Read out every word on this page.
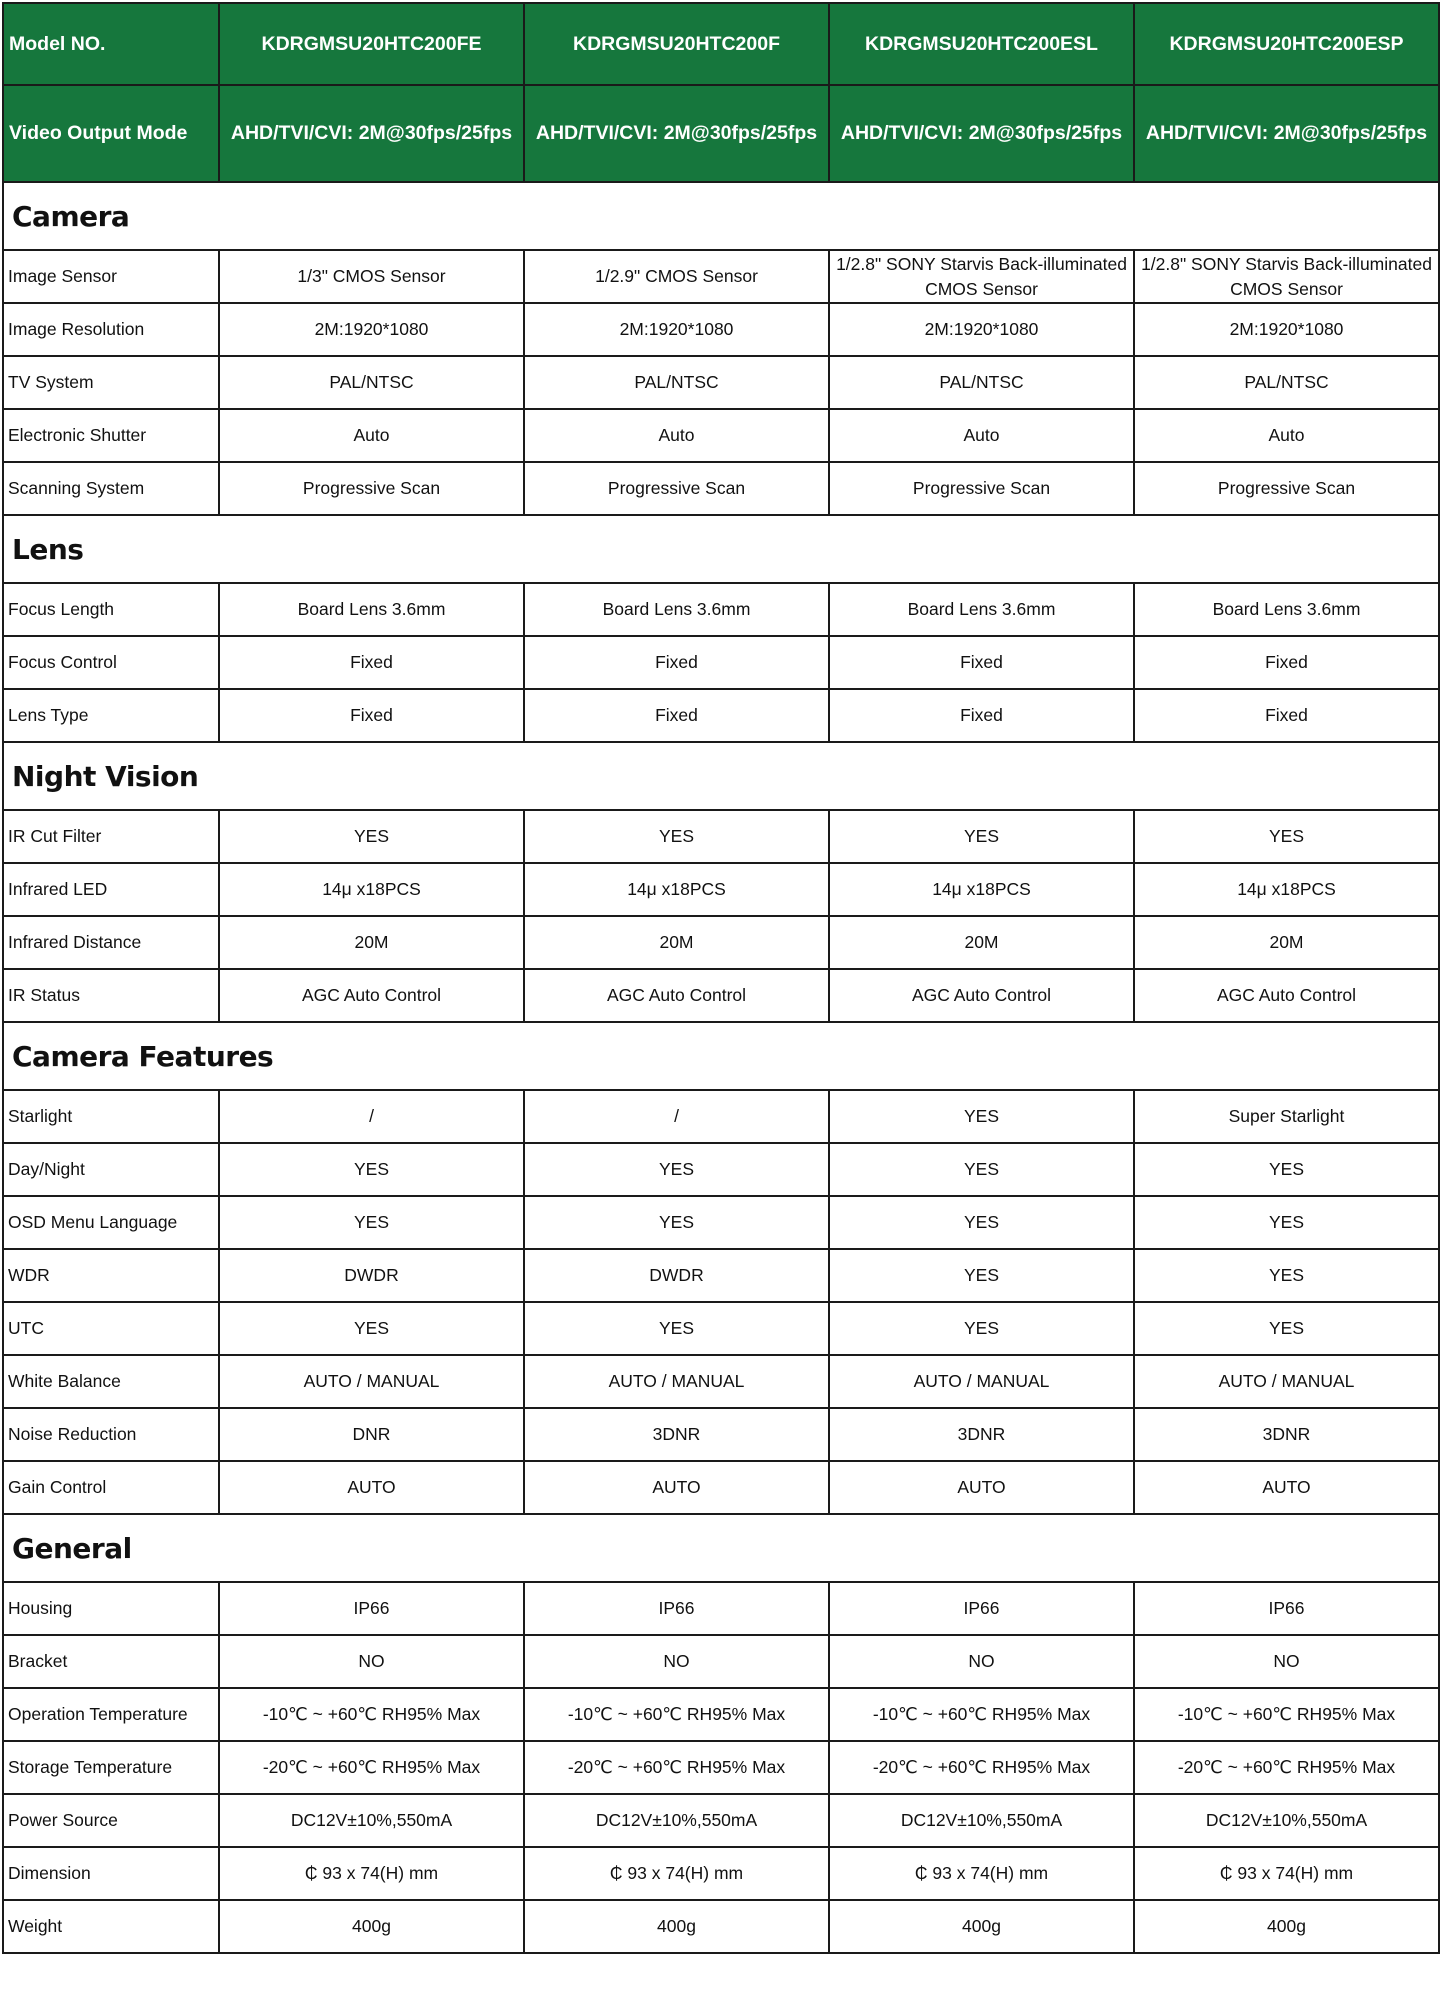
Model NO.	KDRGMSU20HTC200FE	KDRGMSU20HTC200F	KDRGMSU20HTC200ESL	KDRGMSU20HTC200ESP
Video Output Mode	AHD/TVI/CVI: 2M@30fps/25fps	AHD/TVI/CVI: 2M@30fps/25fps	AHD/TVI/CVI: 2M@30fps/25fps	AHD/TVI/CVI: 2M@30fps/25fps
Camera				
Image Sensor	1/3" CMOS Sensor	1/2.9" CMOS Sensor	1/2.8" SONY Starvis Back-illuminated CMOS Sensor	1/2.8" SONY Starvis Back-illuminated CMOS Sensor
Image Resolution	2M:1920*1080	2M:1920*1080	2M:1920*1080	2M:1920*1080
TV System	PAL/NTSC	PAL/NTSC	PAL/NTSC	PAL/NTSC
Electronic Shutter	Auto	Auto	Auto	Auto
Scanning System	Progressive Scan	Progressive Scan	Progressive Scan	Progressive Scan
Lens				
Focus Length	Board Lens 3.6mm	Board Lens 3.6mm	Board Lens 3.6mm	Board Lens 3.6mm
Focus Control	Fixed	Fixed	Fixed	Fixed
Lens Type	Fixed	Fixed	Fixed	Fixed
Night Vision				
IR Cut Filter	YES	YES	YES	YES
Infrared LED	14μ x18PCS	14μ x18PCS	14μ x18PCS	14μ x18PCS
Infrared Distance	20M	20M	20M	20M
IR Status	AGC Auto Control	AGC Auto Control	AGC Auto Control	AGC Auto Control
Camera Features				
Starlight	/	/	YES	Super Starlight
Day/Night	YES	YES	YES	YES
OSD Menu Language	YES	YES	YES	YES
WDR	DWDR	DWDR	YES	YES
UTC	YES	YES	YES	YES
White Balance	AUTO / MANUAL	AUTO / MANUAL	AUTO / MANUAL	AUTO / MANUAL
Noise Reduction	DNR	3DNR	3DNR	3DNR
Gain Control	AUTO	AUTO	AUTO	AUTO
General				
Housing	IP66	IP66	IP66	IP66
Bracket	NO	NO	NO	NO
Operation Temperature	-10℃ ~ +60℃ RH95% Max	-10℃ ~ +60℃ RH95% Max	-10℃ ~ +60℃ RH95% Max	-10℃ ~ +60℃ RH95% Max
Storage Temperature	-20℃ ~ +60℃ RH95% Max	-20℃ ~ +60℃ RH95% Max	-20℃ ~ +60℃ RH95% Max	-20℃ ~ +60℃ RH95% Max
Power Source	DC12V±10%,550mA	DC12V±10%,550mA	DC12V±10%,550mA	DC12V±10%,550mA
Dimension	₵ 93 x 74(H) mm	₵ 93 x 74(H) mm	₵ 93 x 74(H) mm	₵ 93 x 74(H) mm
Weight	400g	400g	400g	400g
